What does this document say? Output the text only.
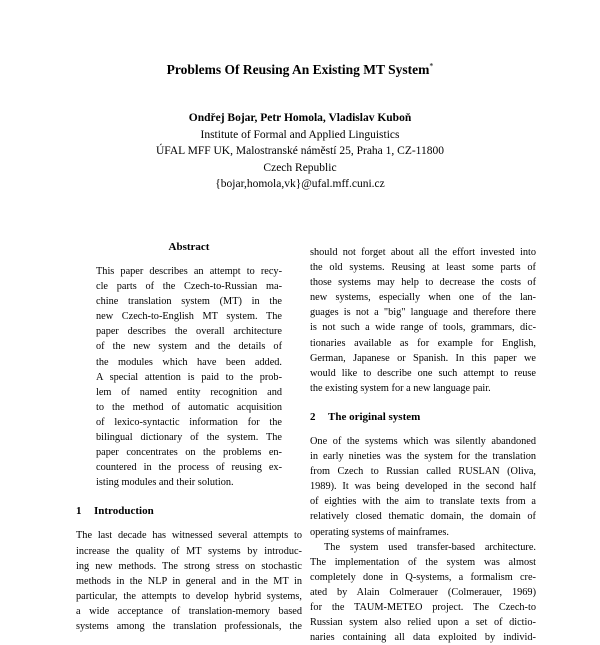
Problems Of Reusing An Existing MT System*
Ondřej Bojar, Petr Homola, Vladislav Kuboň
Institute of Formal and Applied Linguistics
ÚFAL MFF UK, Malostranské náměstí 25, Praha 1, CZ-11800
Czech Republic
{bojar,homola,vk}@ufal.mff.cuni.cz
Abstract
This paper describes an attempt to recy-
cle parts of the Czech-to-Russian ma-
chine translation system (MT) in the
new Czech-to-English MT system. The
paper describes the overall architecture
of the new system and the details of
the modules which have been added.
A special attention is paid to the prob-
lem of named entity recognition and
to the method of automatic acquisition
of lexico-syntactic information for the
bilingual dictionary of the system. The
paper concentrates on the problems en-
countered in the process of reusing ex-
isting modules and their solution.
1 Introduction
The last decade has witnessed several attempts to
increase the quality of MT systems by introduc-
ing new methods. The strong stress on stochastic
methods in the NLP in general and in the MT in
particular, the attempts to develop hybrid systems,
a wide acceptance of translation-memory based
systems among the translation professionals, the
should not forget about all the effort invested into
the old systems. Reusing at least some parts of
those systems may help to decrease the costs of
new systems, especially when one of the lan-
guages is not a "big" language and therefore there
is not such a wide range of tools, grammars, dic-
tionaries available as for example for English,
German, Japanese or Spanish. In this paper we
would like to describe one such attempt to reuse
the existing system for a new language pair.
2 The original system
One of the systems which was silently abandoned
in early nineties was the system for the translation
from Czech to Russian called RUSLAN (Oliva,
1989). It was being developed in the second half
of eighties with the aim to translate texts from a
relatively closed thematic domain, the domain of
operating systems of mainframes.
The system used transfer-based architecture.
The implementation of the system was almost
completely done in Q-systems, a formalism cre-
ated by Alain Colmerauer (Colmerauer, 1969)
for the TAUM-METEO project. The Czech-to
Russian system also relied upon a set of dictio-
naries containing all data exploited by individ-
